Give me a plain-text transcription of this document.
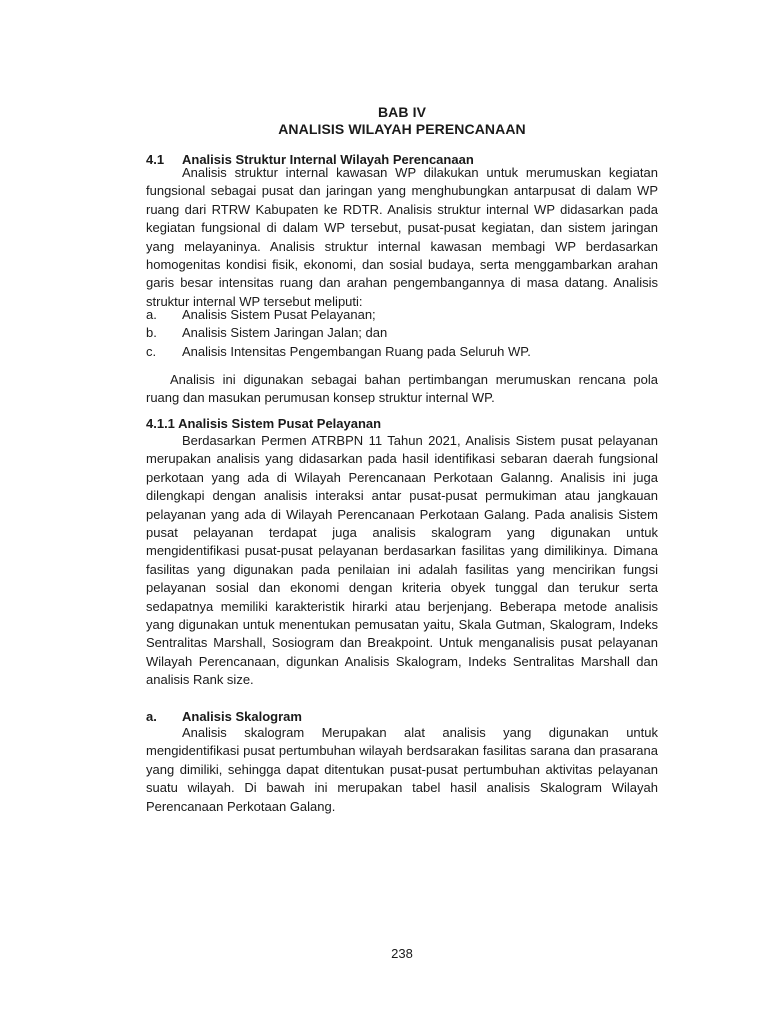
BAB IV
ANALISIS WILAYAH PERENCANAAN
4.1 Analisis Struktur Internal Wilayah Perencanaan

Analisis struktur internal kawasan WP dilakukan untuk merumuskan kegiatan fungsional sebagai pusat dan jaringan yang menghubungkan antarpusat di dalam WP ruang dari RTRW Kabupaten ke RDTR. Analisis struktur internal WP didasarkan pada kegiatan fungsional di dalam WP tersebut, pusat-pusat kegiatan, dan sistem jaringan yang melayaninya. Analisis struktur internal kawasan membagi WP berdasarkan homogenitas kondisi fisik, ekonomi, dan sosial budaya, serta menggambarkan arahan garis besar intensitas ruang dan arahan pengembangannya di masa datang. Analisis struktur internal WP tersebut meliputi:

a. Analisis Sistem Pusat Pelayanan;
b. Analisis Sistem Jaringan Jalan; dan
c. Analisis Intensitas Pengembangan Ruang pada Seluruh WP.

Analisis ini digunakan sebagai bahan pertimbangan merumuskan rencana pola ruang dan masukan perumusan konsep struktur internal WP.

4.1.1 Analisis Sistem Pusat Pelayanan

Berdasarkan Permen ATRBPN 11 Tahun 2021, Analisis Sistem pusat pelayanan merupakan analisis yang didasarkan pada hasil identifikasi sebaran daerah fungsional perkotaan yang ada di Wilayah Perencanaan Perkotaan Galanng. Analisis ini juga dilengkapi dengan analisis interaksi antar pusat-pusat permukiman atau jangkauan pelayanan yang ada di Wilayah Perencanaan Perkotaan Galang. Pada analisis Sistem pusat pelayanan terdapat juga analisis skalogram yang digunakan untuk mengidentifikasi pusat-pusat pelayanan berdasarkan fasilitas yang dimilikinya. Dimana fasilitas yang digunakan pada penilaian ini adalah fasilitas yang mencirikan fungsi pelayanan sosial dan ekonomi dengan kriteria obyek tunggal dan terukur serta sedapatnya memiliki karakteristik hirarki atau berjenjang. Beberapa metode analisis yang digunakan untuk menentukan pemusatan yaitu, Skala Gutman, Skalogram, Indeks Sentralitas Marshall, Sosiogram dan Breakpoint. Untuk menganalisis pusat pelayanan Wilayah Perencanaan, digunkan Analisis Skalogram, Indeks Sentralitas Marshall dan analisis Rank size.

a. Analisis Skalogram

Analisis skalogram Merupakan alat analisis yang digunakan untuk mengidentifikasi pusat pertumbuhan wilayah berdsarakan fasilitas sarana dan prasarana yang dimiliki, sehingga dapat ditentukan pusat-pusat pertumbuhan aktivitas pelayanan suatu wilayah. Di bawah ini merupakan tabel hasil analisis Skalogram Wilayah Perencanaan Perkotaan Galang.

238
